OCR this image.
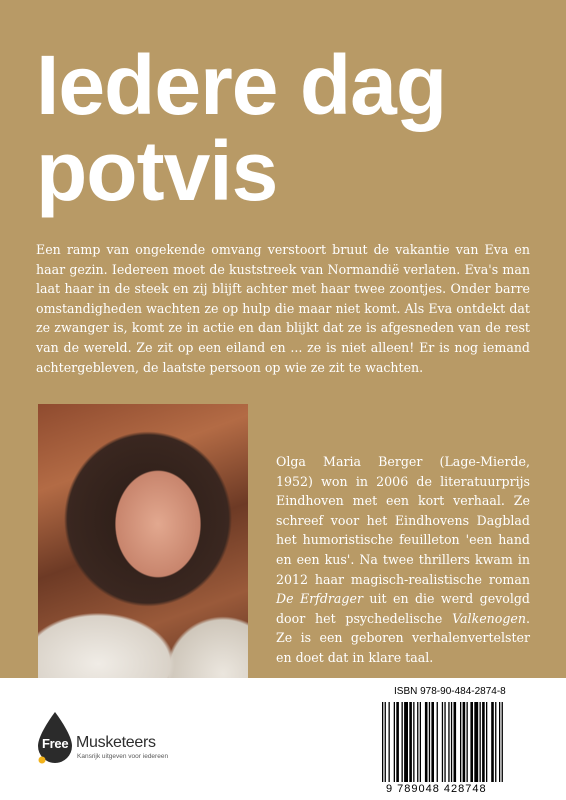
Iedere dag
potvis

Een ramp van ongekende omvang verstoort bruut de vakantie van Eva en haar gezin. Iedereen moet de kuststreek van Normandië verlaten. Eva's man laat haar in de steek en zij blijft achter met haar twee zoontjes. Onder barre omstandigheden wachten ze op hulp die maar niet komt. Als Eva ontdekt dat ze zwanger is, komt ze in actie en dan blijkt dat ze is afgesneden van de rest van de wereld. Ze zit op een eiland en ... ze is niet alleen! Er is nog iemand achtergebleven, de laatste persoon op wie ze zit te wachten.

Olga Maria Berger (Lage-Mierde, 1952) won in 2006 de literatuurprijs Eindhoven met een kort verhaal. Ze schreef voor het Eindhovens Dagblad het humoristische feuilleton 'een hand en een kus'. Na twee thrillers kwam in 2012 haar magisch-realistische roman De Erfdrager uit en die werd gevolgd door het psychedelische Valkenogen. Ze is een geboren verhalenvertelster en doet dat in klare taal.

Free Musketeers
Kansrijk uitgeven voor iedereen
ISBN 978-90-484-2874-8
9 789048 428748
